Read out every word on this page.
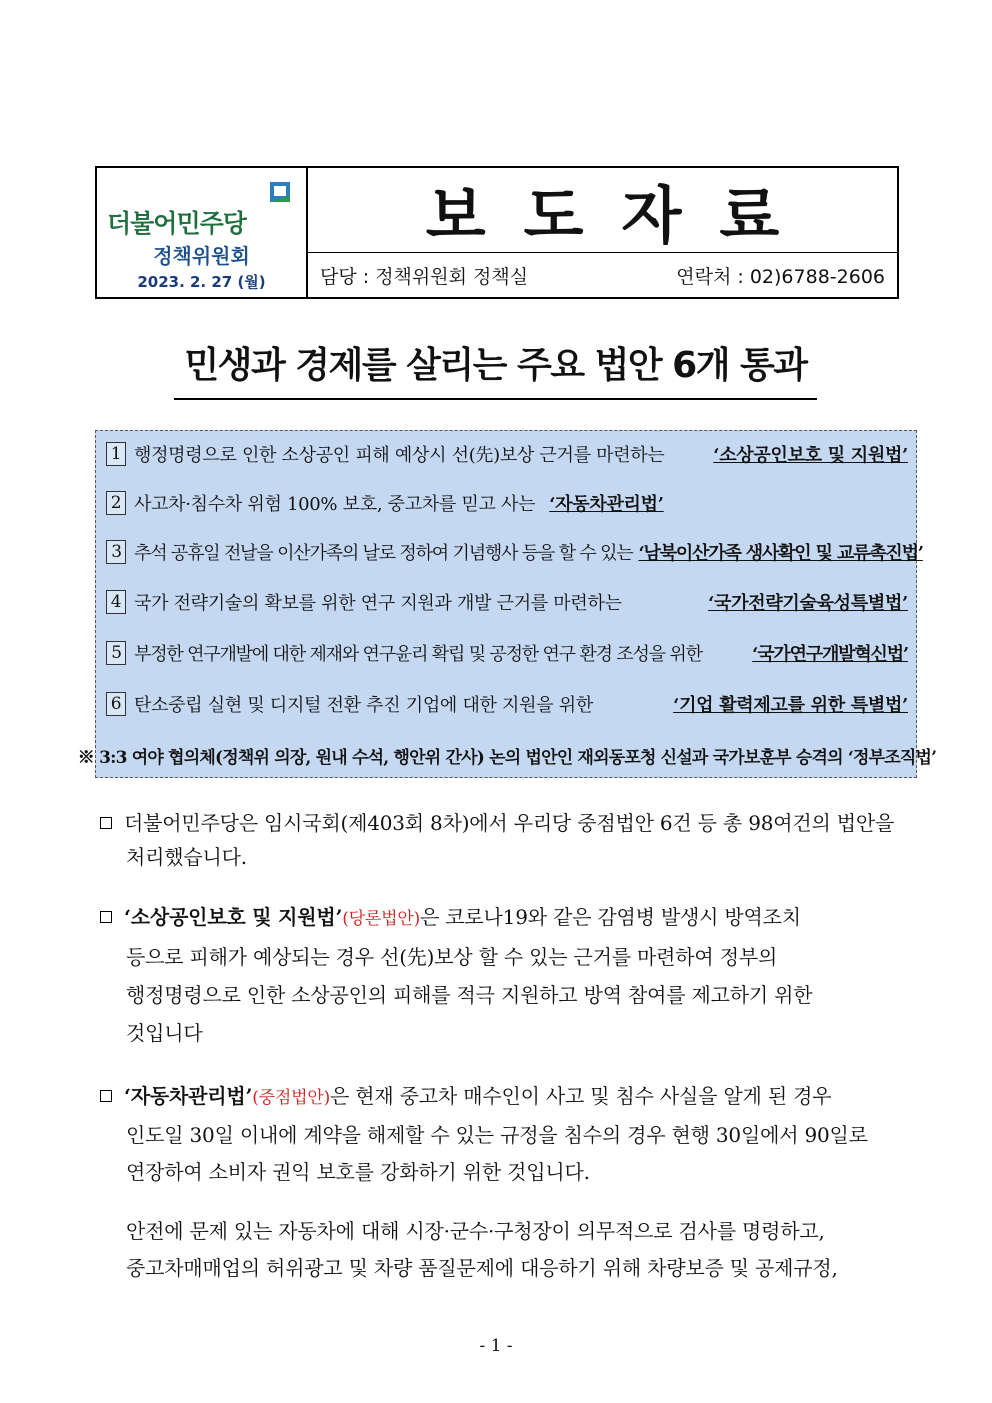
더불어민주당
정책위원회
2023. 2. 27 (월)
보도자료
담당 : 정책위원회 정책실	연락처 : 02)6788-2606
민생과 경제를 살리는 주요 법안 6개 통과
1 행정명령으로 인한 소상공인 피해 예상시 선(先)보상 근거를 마련하는	‘소상공인보호 및 지원법’
2 사고차·침수차 위험 100% 보호, 중고차를 믿고 사는 ‘자동차관리법’
3 추석 공휴일 전날을 이산가족의 날로 정하여 기념행사 등을 할 수 있는 ‘남북이산가족 생사확인 및 교류촉진법’
4 국가 전략기술의 확보를 위한 연구 지원과 개발 근거를 마련하는	‘국가전략기술육성특별법’
5 부정한 연구개발에 대한 제재와 연구윤리 확립 및 공정한 연구 환경 조성을 위한	‘국가연구개발혁신법’
6 탄소중립 실현 및 디지털 전환 추진 기업에 대한 지원을 위한	‘기업 활력제고를 위한 특별법’
※ 3:3 여야 협의체(정책위 의장, 원내 수석, 행안위 간사) 논의 법안인 재외동포청 신설과 국가보훈부 승격의 ‘정부조직법’
더불어민주당은 임시국회(제403회 8차)에서 우리당 중점법안 6건 등 총 98여건의 법안을
처리했습니다.
‘소상공인보호 및 지원법’(당론법안)은 코로나19와 같은 감염병 발생시 방역조치
등으로 피해가 예상되는 경우 선(先)보상 할 수 있는 근거를 마련하여 정부의
행정명령으로 인한 소상공인의 피해를 적극 지원하고 방역 참여를 제고하기 위한
것입니다
‘자동차관리법’(중점법안)은 현재 중고차 매수인이 사고 및 침수 사실을 알게 된 경우
인도일 30일 이내에 계약을 해제할 수 있는 규정을 침수의 경우 현행 30일에서 90일로
연장하여 소비자 권익 보호를 강화하기 위한 것입니다.
안전에 문제 있는 자동차에 대해 시장·군수·구청장이 의무적으로 검사를 명령하고,
중고차매매업의 허위광고 및 차량 품질문제에 대응하기 위해 차량보증 및 공제규정,
- 1 -
